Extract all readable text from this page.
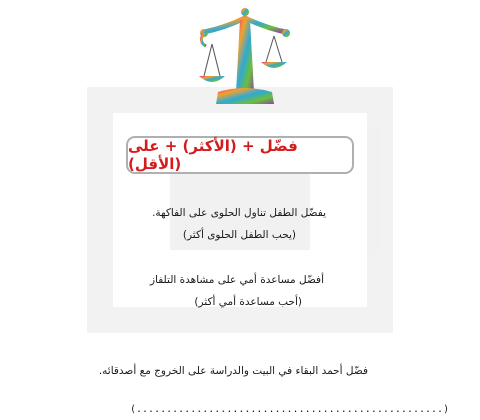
فضّل + (الأكثر) + على (الأقل)
يفضّل الطفل تناول الحلوى على الفاكهة.
(يحب الطفل الحلوى أكثر)
أفضّل مساعدة أمي على مشاهدة التلفاز
(أحب مساعدة أمي أكثر)
فضّل أحمد البقاء في البيت والدراسة على الخروج مع أصدقائه.
(...................................................)
